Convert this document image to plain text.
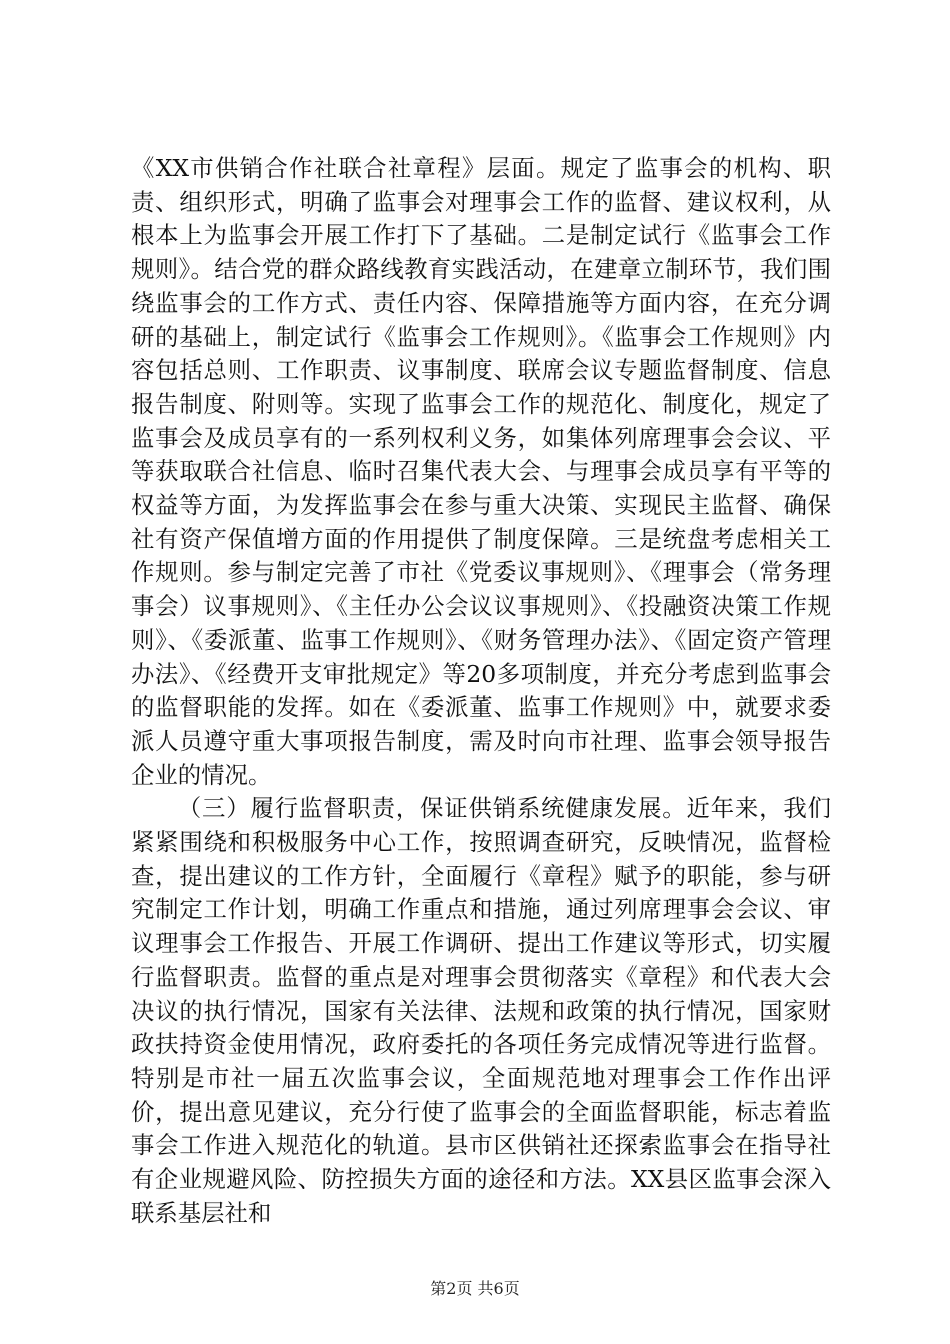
《XX市供销合作社联合社章程》层面。规定了监事会的机构、职责、组织形式，明确了监事会对理事会工作的监督、建议权利，从根本上为监事会开展工作打下了基础。二是制定试行《监事会工作规则》。结合党的群众路线教育实践活动，在建章立制环节，我们围绕监事会的工作方式、责任内容、保障措施等方面内容，在充分调研的基础上，制定试行《监事会工作规则》。《监事会工作规则》内容包括总则、工作职责、议事制度、联席会议专题监督制度、信息报告制度、附则等。实现了监事会工作的规范化、制度化，规定了监事会及成员享有的一系列权利义务，如集体列席理事会会议、平等获取联合社信息、临时召集代表大会、与理事会成员享有平等的权益等方面，为发挥监事会在参与重大决策、实现民主监督、确保社有资产保值增方面的作用提供了制度保障。三是统盘考虑相关工作规则。参与制定完善了市社《党委议事规则》、《理事会（常务理事会）议事规则》、《主任办公会议议事规则》、《投融资决策工作规则》、《委派董、监事工作规则》、《财务管理办法》、《固定资产管理办法》、《经费开支审批规定》等20多项制度，并充分考虑到监事会的监督职能的发挥。如在《委派董、监事工作规则》中，就要求委派人员遵守重大事项报告制度，需及时向市社理、监事会领导报告企业的情况。

（三）履行监督职责，保证供销系统健康发展。近年来，我们紧紧围绕和积极服务中心工作，按照调查研究，反映情况，监督检查，提出建议的工作方针，全面履行《章程》赋予的职能，参与研究制定工作计划，明确工作重点和措施，通过列席理事会会议、审议理事会工作报告、开展工作调研、提出工作建议等形式，切实履行监督职责。监督的重点是对理事会贯彻落实《章程》和代表大会决议的执行情况，国家有关法律、法规和政策的执行情况，国家财政扶持资金使用情况，政府委托的各项任务完成情况等进行监督。特别是市社一届五次监事会议，全面规范地对理事会工作作出评价，提出意见建议，充分行使了监事会的全面监督职能，标志着监事会工作进入规范化的轨道。县市区供销社还探索监事会在指导社有企业规避风险、防控损失方面的途径和方法。XX县区监事会深入联系基层社和

第2页 共6页
